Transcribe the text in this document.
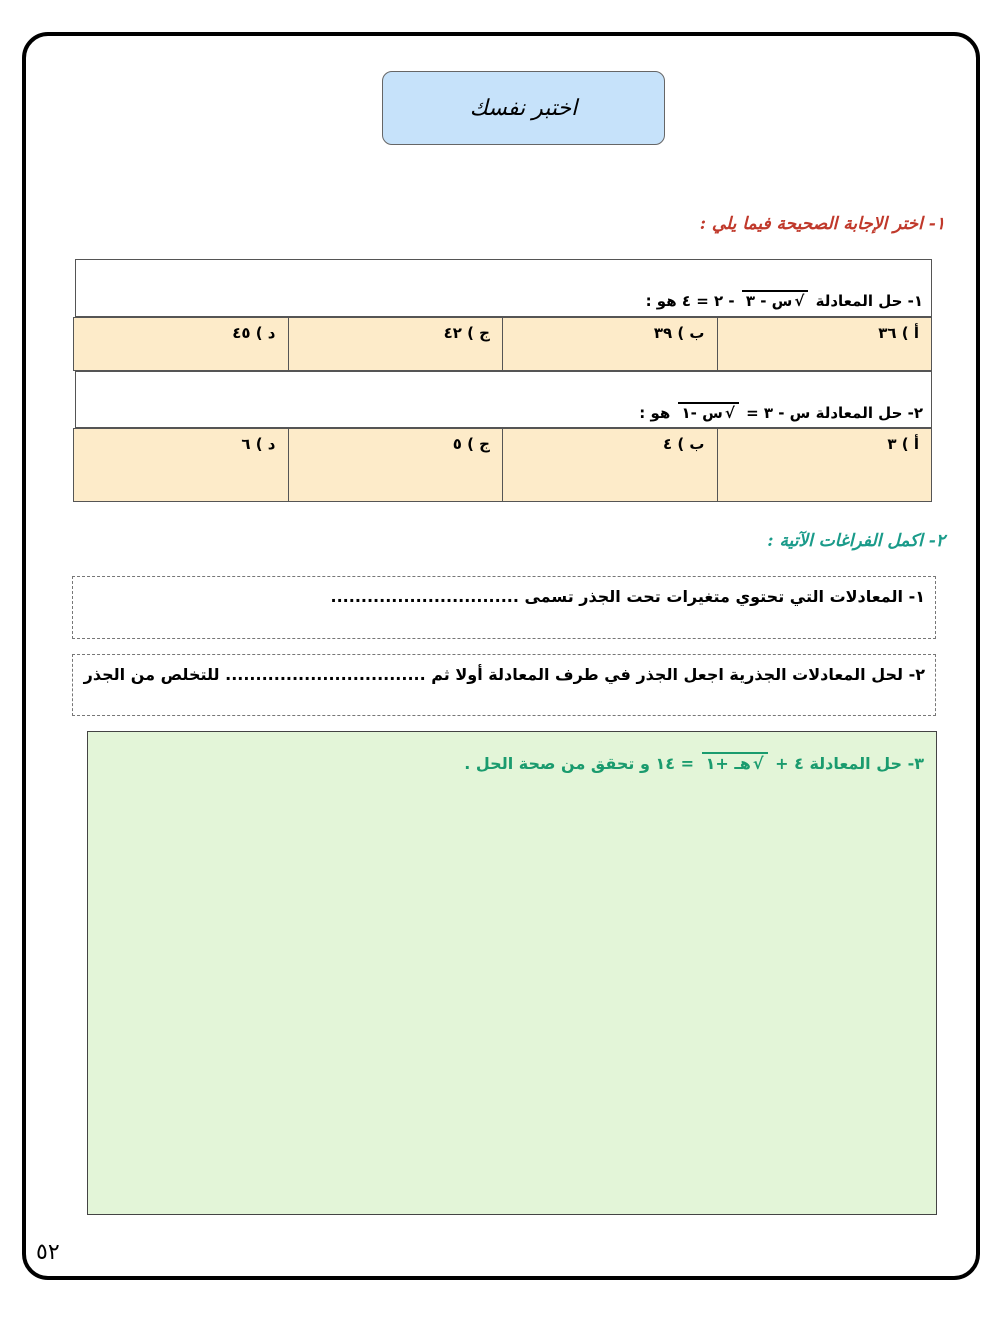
اختبر نفسك
١- اختر الإجابة الصحيحة فيما يلي :
١- حل المعادلة √ س - ٣ - ٢ = ٤ هو :
أ ) ٣٦
ب ) ٣٩
ج ) ٤٢
د ) ٤٥
٢- حل المعادلة س - ٣ = √ س -١ هو :
أ ) ٣
ب ) ٤
ج ) ٥
د ) ٦
٢- اكمل الفراغات الآتية :
١- المعادلات التي تحتوي متغيرات تحت الجذر تسمى ...............................
٢- لحل المعادلات الجذرية اجعل الجذر في طرف المعادلة أولا ثم ................................. للتخلص من الجذر
٣- حل المعادلة ٤ + √ هـ +١ = ١٤ و تحقق من صحة الحل .
٥٢
